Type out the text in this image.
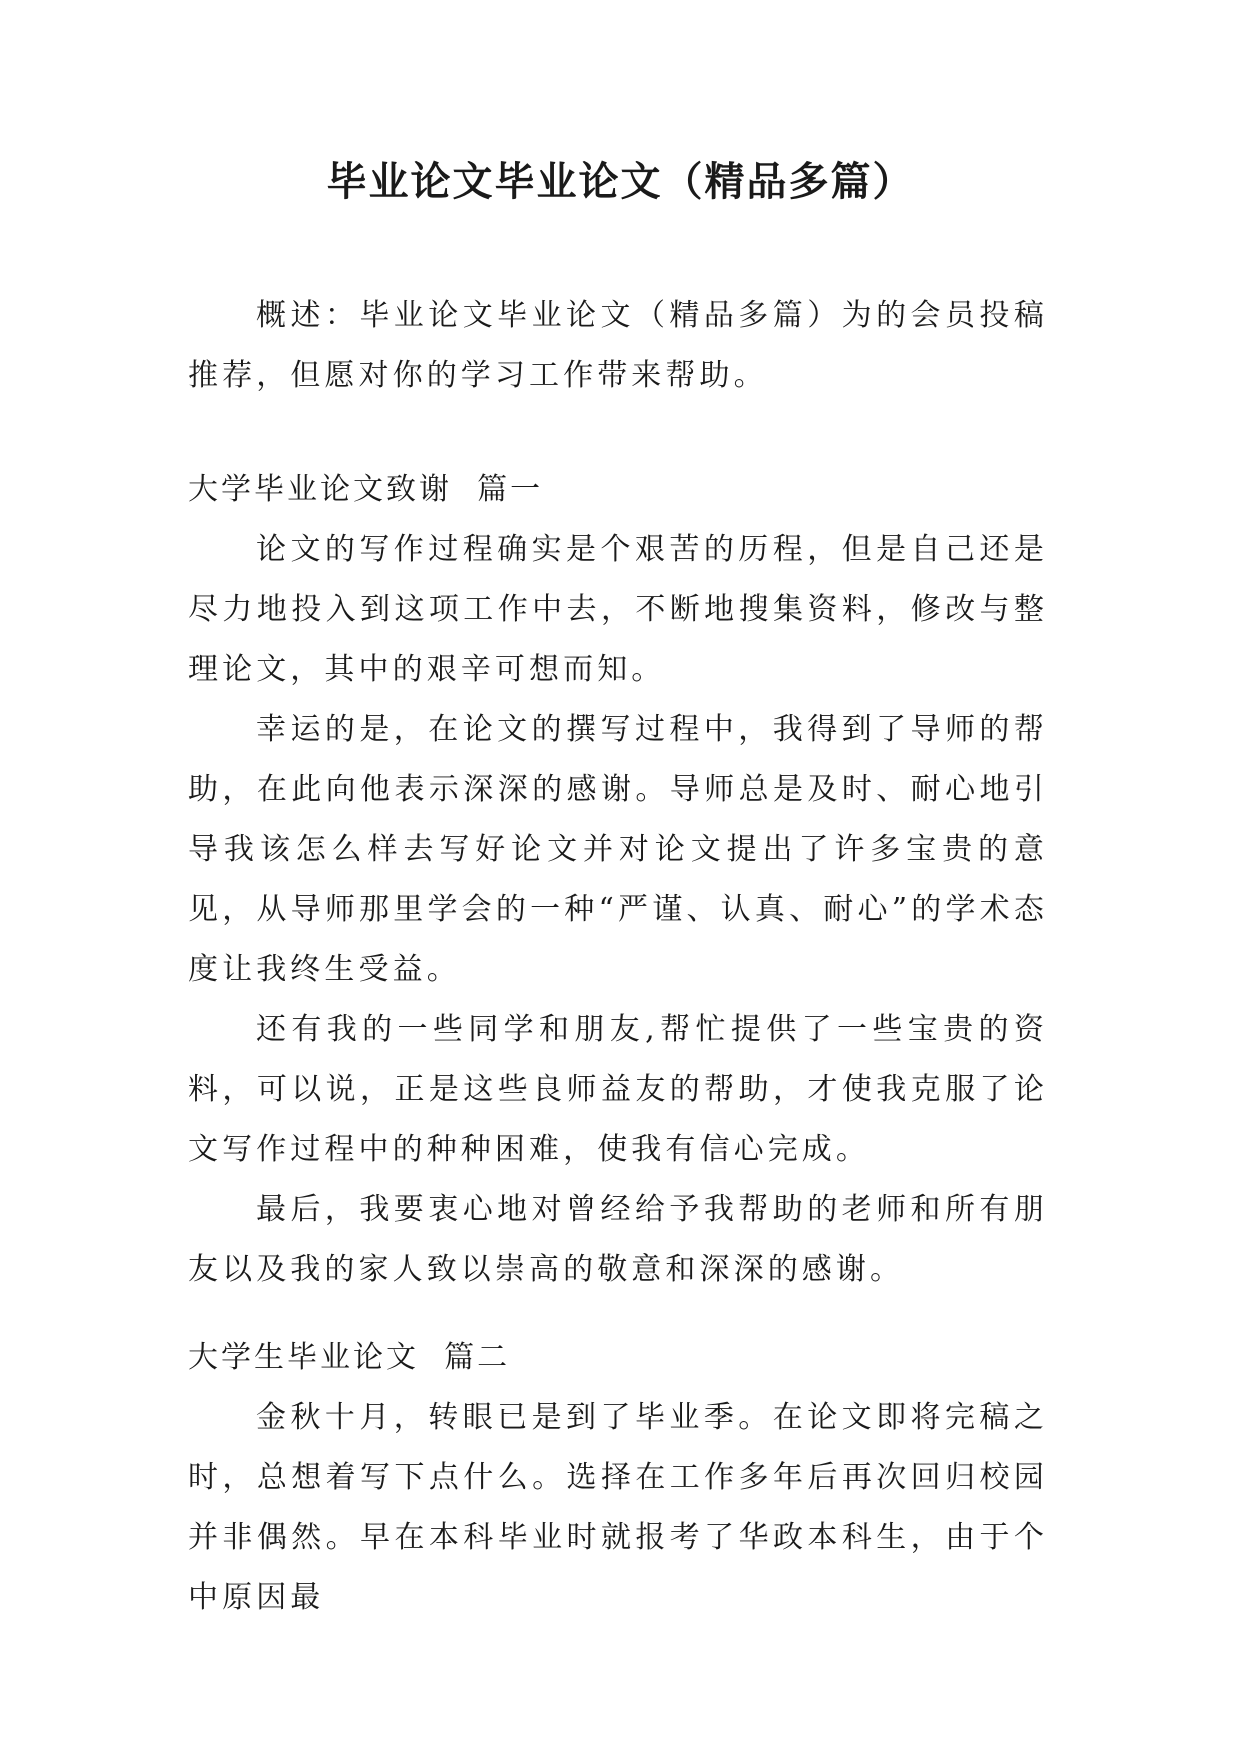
毕业论文毕业论文（精品多篇）

概述：毕业论文毕业论文（精品多篇）为的会员投稿推荐，但愿对你的学习工作带来帮助。

大学毕业论文致谢  篇一

论文的写作过程确实是个艰苦的历程，但是自己还是尽力地投入到这项工作中去，不断地搜集资料，修改与整理论文，其中的艰辛可想而知。

幸运的是，在论文的撰写过程中，我得到了导师的帮助，在此向他表示深深的感谢。导师总是及时、耐心地引导我该怎么样去写好论文并对论文提出了许多宝贵的意见，从导师那里学会的一种“严谨、认真、耐心”的学术态度让我终生受益。

还有我的一些同学和朋友,帮忙提供了一些宝贵的资料，可以说，正是这些良师益友的帮助，才使我克服了论文写作过程中的种种困难，使我有信心完成。

最后，我要衷心地对曾经给予我帮助的老师和所有朋友以及我的家人致以崇高的敬意和深深的感谢。

大学生毕业论文  篇二

金秋十月，转眼已是到了毕业季。在论文即将完稿之时，总想着写下点什么。选择在工作多年后再次回归校园并非偶然。早在本科毕业时就报考了华政本科生，由于个中原因最
